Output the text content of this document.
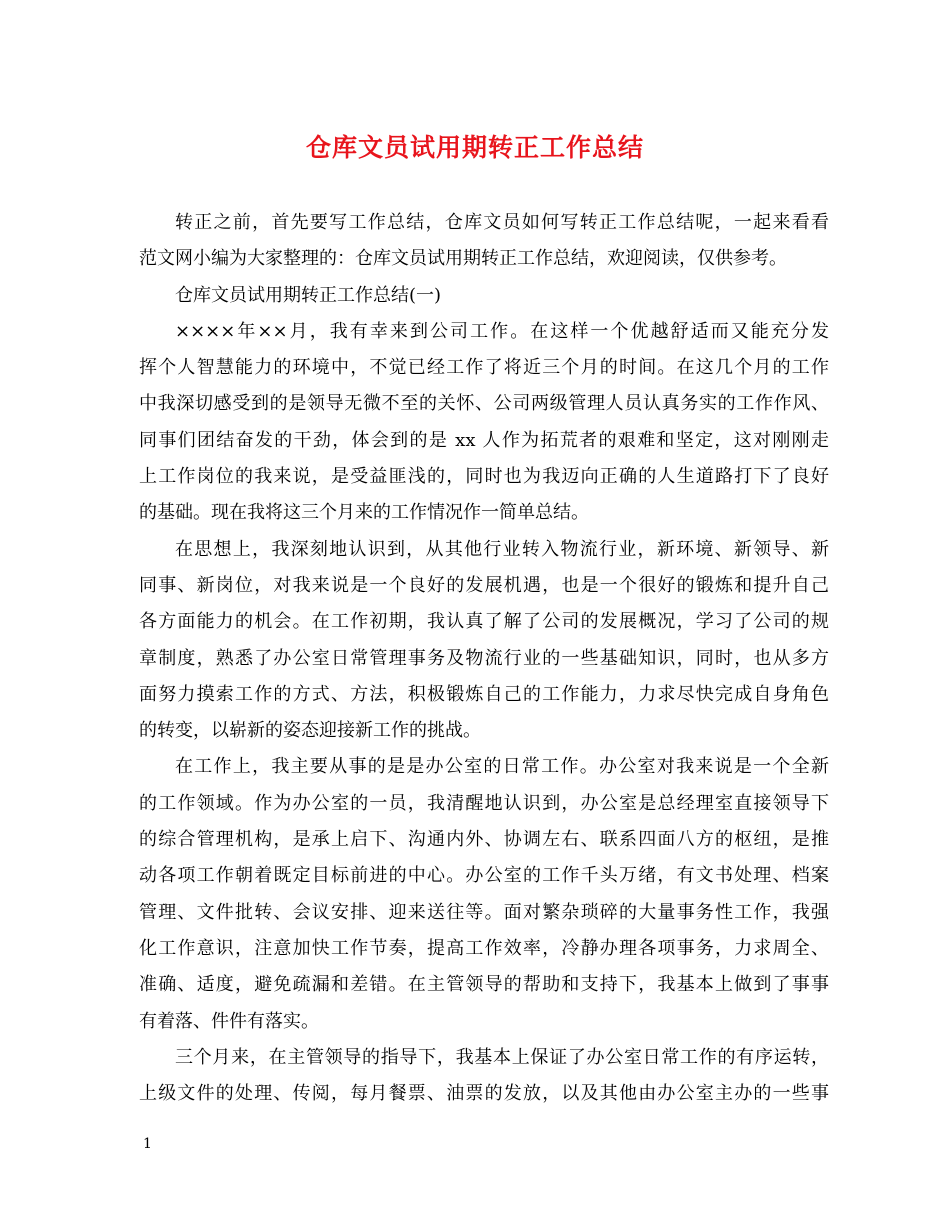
仓库文员试用期转正工作总结
转正之前，首先要写工作总结，仓库文员如何写转正工作总结呢，一起来看看
范文网小编为大家整理的：仓库文员试用期转正工作总结，欢迎阅读，仅供参考。
仓库文员试用期转正工作总结(一)
××××年××月，我有幸来到公司工作。在这样一个优越舒适而又能充分发
挥个人智慧能力的环境中，不觉已经工作了将近三个月的时间。在这几个月的工作
中我深切感受到的是领导无微不至的关怀、公司两级管理人员认真务实的工作作风、
同事们团结奋发的干劲，体会到的是 xx 人作为拓荒者的艰难和坚定，这对刚刚走
上工作岗位的我来说，是受益匪浅的，同时也为我迈向正确的人生道路打下了良好
的基础。现在我将这三个月来的工作情况作一简单总结。
在思想上，我深刻地认识到，从其他行业转入物流行业，新环境、新领导、新
同事、新岗位，对我来说是一个良好的发展机遇，也是一个很好的锻炼和提升自己
各方面能力的机会。在工作初期，我认真了解了公司的发展概况，学习了公司的规
章制度，熟悉了办公室日常管理事务及物流行业的一些基础知识，同时，也从多方
面努力摸索工作的方式、方法，积极锻炼自己的工作能力，力求尽快完成自身角色
的转变，以崭新的姿态迎接新工作的挑战。
在工作上，我主要从事的是是办公室的日常工作。办公室对我来说是一个全新
的工作领域。作为办公室的一员，我清醒地认识到，办公室是总经理室直接领导下
的综合管理机构，是承上启下、沟通内外、协调左右、联系四面八方的枢纽，是推
动各项工作朝着既定目标前进的中心。办公室的工作千头万绪，有文书处理、档案
管理、文件批转、会议安排、迎来送往等。面对繁杂琐碎的大量事务性工作，我强
化工作意识，注意加快工作节奏，提高工作效率，冷静办理各项事务，力求周全、
准确、适度，避免疏漏和差错。在主管领导的帮助和支持下，我基本上做到了事事
有着落、件件有落实。
三个月来，在主管领导的指导下，我基本上保证了办公室日常工作的有序运转，
上级文件的处理、传阅，每月餐票、油票的发放，以及其他由办公室主办的一些事
1
